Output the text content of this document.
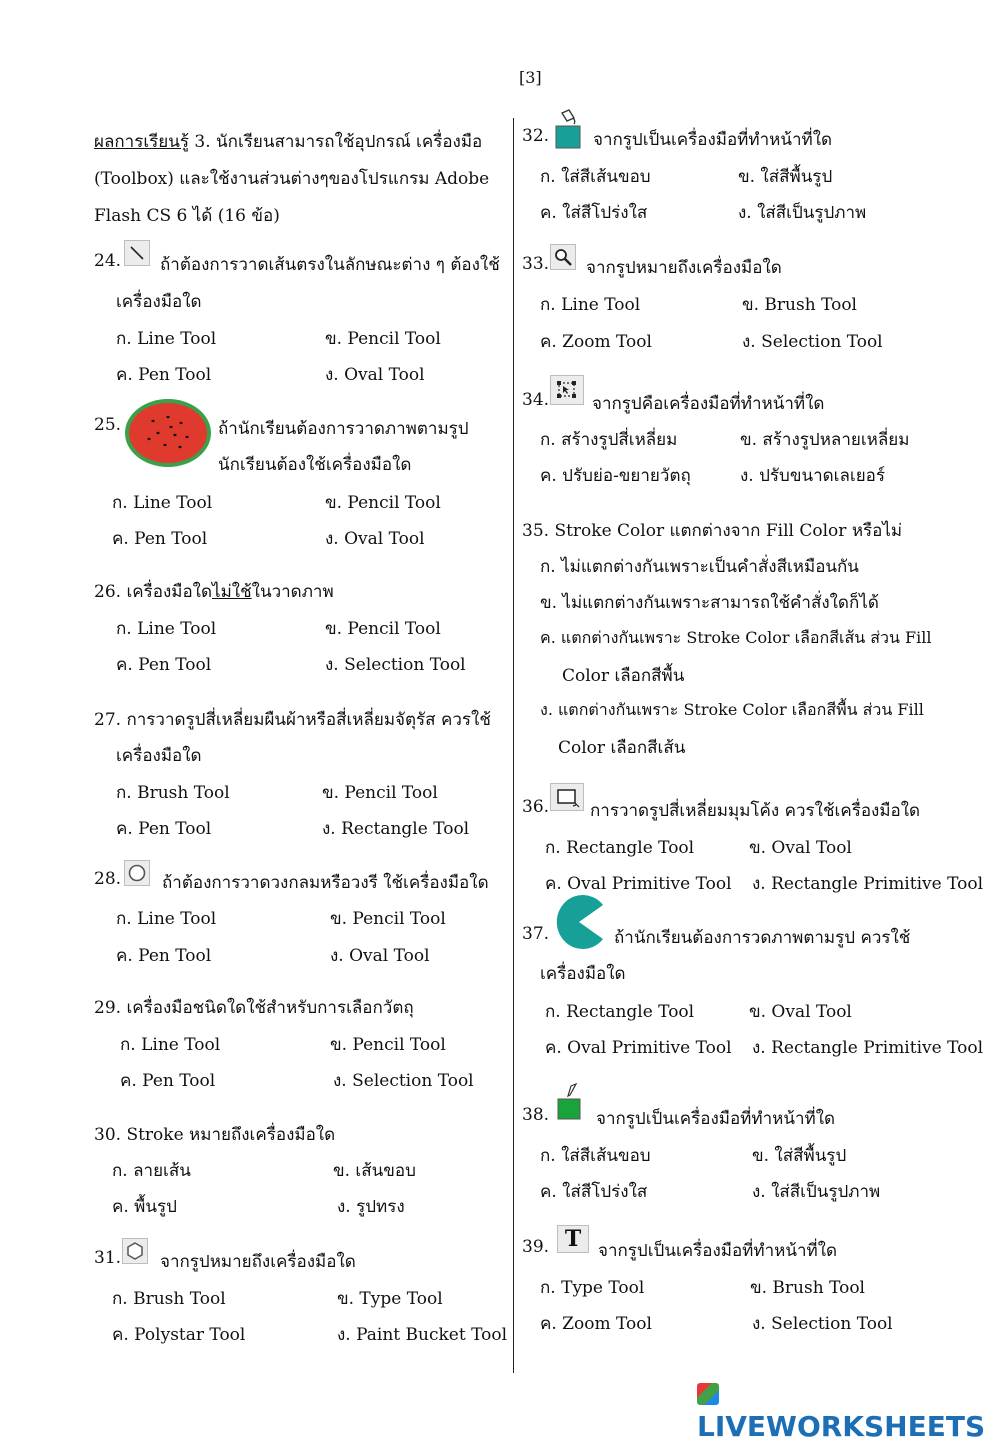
[3]
ผลการเรียนรู้ 3. นักเรียนสามารถใช้อุปกรณ์ เครื่องมือ (Toolbox) และใช้งานส่วนต่างๆของโปรแกรม Adobe Flash CS 6 ได้ (16 ข้อ)
24. ถ้าต้องการวาดเส้นตรงในลักษณะต่าง ๆ ต้องใช้
เครื่องมือใด
ก. Line Tool	ข. Pencil Tool
ค. Pen Tool	ง. Oval Tool
25.	ถ้านักเรียนต้องการวาดภาพตามรูป
นักเรียนต้องใช้เครื่องมือใด
ก. Line Tool	ข. Pencil Tool
ค. Pen Tool	ง. Oval Tool
26. เครื่องมือใดไม่ใช้ในวาดภาพ
ก. Line Tool	ข. Pencil Tool
ค. Pen Tool	ง. Selection Tool
27. การวาดรูปสี่เหลี่ยมผืนผ้าหรือสี่เหลี่ยมจัตุรัส ควรใช้
เครื่องมือใด
ก. Brush Tool	ข. Pencil Tool
ค. Pen Tool	ง. Rectangle Tool
28. ถ้าต้องการวาดวงกลมหรือวงรี ใช้เครื่องมือใด
ก. Line Tool	ข. Pencil Tool
ค. Pen Tool	ง. Oval Tool
29. เครื่องมือชนิดใดใช้สำหรับการเลือกวัตถุ
ก. Line Tool	ข. Pencil Tool
ค. Pen Tool	ง. Selection Tool
30. Stroke หมายถึงเครื่องมือใด
ก. ลายเส้น	ข. เส้นขอบ
ค. พื้นรูป	ง. รูปทรง
31. จากรูปหมายถึงเครื่องมือใด
ก. Brush Tool	ข. Type Tool
ค. Polystar Tool	ง. Paint Bucket Tool
32.	จากรูปเป็นเครื่องมือที่ทำหน้าที่ใด
ก. ใส่สีเส้นขอบ	ข. ใส่สีพื้นรูป
ค. ใส่สีโปร่งใส	ง. ใส่สีเป็นรูปภาพ
33. จากรูปหมายถึงเครื่องมือใด
ก. Line Tool	ข. Brush Tool
ค. Zoom Tool	ง. Selection Tool
34.	จากรูปคือเครื่องมือที่ทำหน้าที่ใด
ก. สร้างรูปสี่เหลี่ยม	ข. สร้างรูปหลายเหลี่ยม
ค. ปรับย่อ-ขยายวัตถุ	ง. ปรับขนาดเลเยอร์
35. Stroke Color แตกต่างจาก Fill Color หรือไม่
ก. ไม่แตกต่างกันเพราะเป็นคำสั่งสีเหมือนกัน
ข. ไม่แตกต่างกันเพราะสามารถใช้คำสั่งใดก็ได้
ค. แตกต่างกันเพราะ Stroke Color เลือกสีเส้น ส่วน Fill
Color เลือกสีพื้น
ง. แตกต่างกันเพราะ Stroke Color เลือกสีพื้น ส่วน Fill
Color เลือกสีเส้น
36. การวาดรูปสี่เหลี่ยมมุมโค้ง ควรใช้เครื่องมือใด
ก. Rectangle Tool	ข. Oval Tool
ค. Oval Primitive Tool ง. Rectangle Primitive Tool
37.	ถ้านักเรียนต้องการวดภาพตามรูป ควรใช้
เครื่องมือใด
ก. Rectangle Tool	ข. Oval Tool
ค. Oval Primitive Tool ง. Rectangle Primitive Tool
38.	จากรูปเป็นเครื่องมือที่ทำหน้าที่ใด
ก. ใส่สีเส้นขอบ	ข. ใส่สีพื้นรูป
ค. ใส่สีโปร่งใส	ง. ใส่สีเป็นรูปภาพ
39. T จากรูปเป็นเครื่องมือที่ทำหน้าที่ใด
ก. Type Tool	ข. Brush Tool
ค. Zoom Tool	ง. Selection Tool
LIVEWORKSHEETS
